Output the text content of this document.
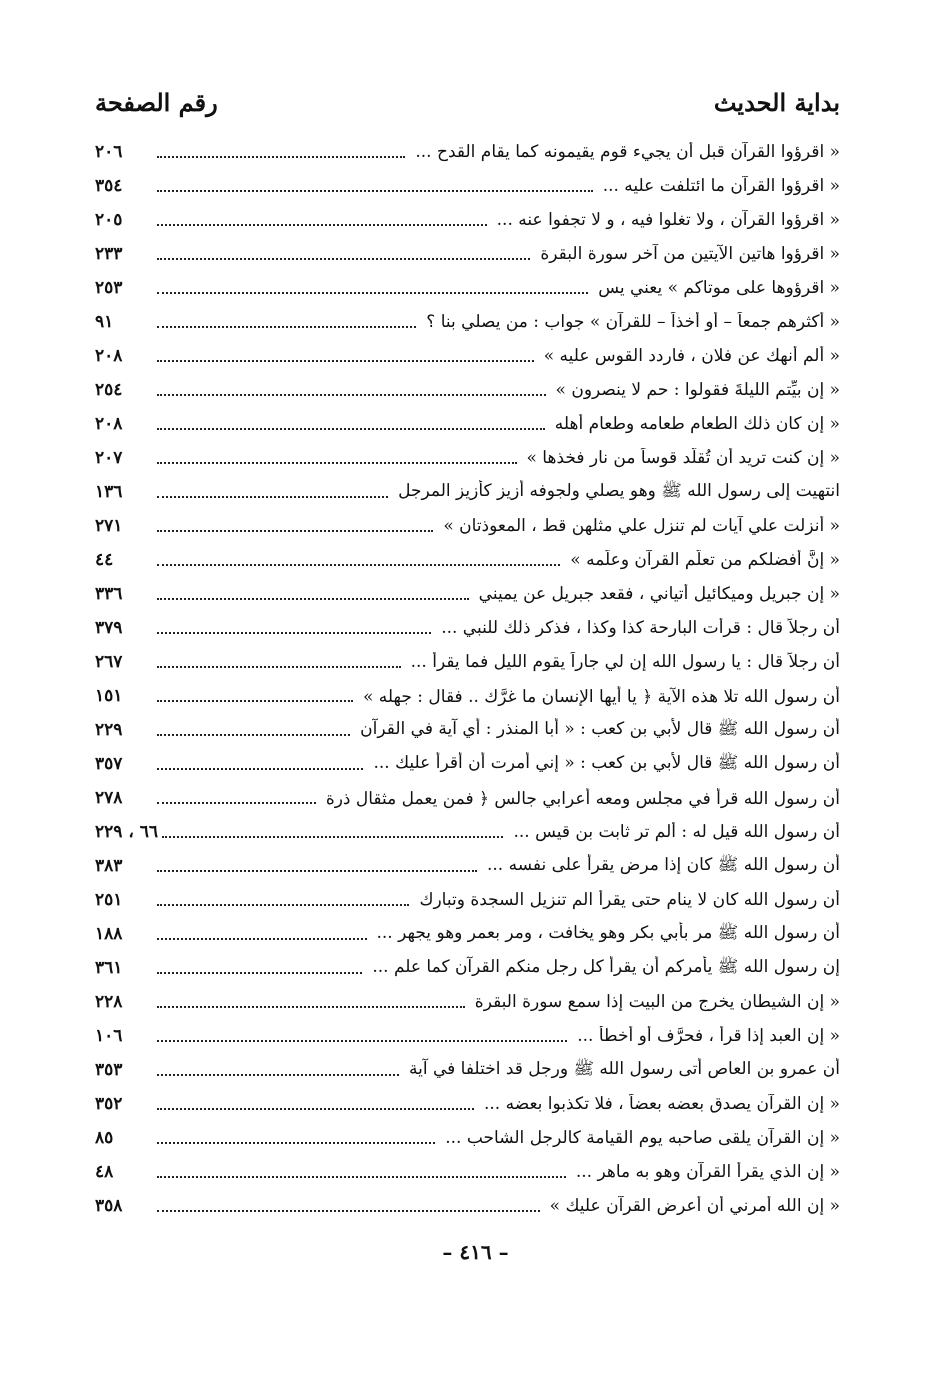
بداية الحديث
رقم الصفحة
« اقرؤوا القرآن قبل أن يجيء قوم يقيمونه كما يقام القدح ...
٢٠٦
« اقرؤوا القرآن ما ائتلفت عليه ...
٣٥٤
« اقرؤوا القرآن ، ولا تغلوا فيه ، و لا تجفوا عنه ...
٢٠٥
« اقرؤوا هاتين الآيتين من آخر سورة البقرة
٢٣٣
« اقرؤوها على موتاكم » يعني يس
٢٥٣
« أكثرهم جمعاً – أو أخذاً – للقرآن » جواب : من يصلي بنا ؟
٩١
« ألم أنهك عن فلان ، فاردد القوس عليه »
٢٠٨
« إن بيِّتم الليلةَ فقولوا : حم لا ينصرون »
٢٥٤
« إن كان ذلك الطعام طعامه وطعام أهله
٢٠٨
« إن كنت تريد أن تُقلَّد قوساً من نار فخذها »
٢٠٧
انتهيت إلى رسول الله ﷺ وهو يصلي ولجوفه أزيز كأزيز المرجل
١٣٦
« أُنزلت علي آيات لم تنزل علي مثلهن قط ، المعوذتان »
٢٧١
« إنَّ أفضلكم من تعلَّم القرآن وعلَّمه »
٤٤
« إن جبريل وميكائيل أتياني ، فقعد جبريل عن يميني
٣٣٦
أن رجلاً قال : قرأت البارحة كذا وكذا ، فذكر ذلك للنبي ...
٣٧٩
أن رجلاً قال : يا رسول الله إن لي جاراً يقوم الليل فما يقرأ ...
٢٦٧
أن رسول الله تلا هذه الآية ﴿ يا أيها الإنسان ما غرَّك .. فقال : جهله »
١٥١
أن رسول الله ﷺ قال لأبي بن كعب : « أبا المنذر : أي آية في القرآن
٢٢٩
أن رسول الله ﷺ قال لأبي بن كعب : « إني أمرت أن أقرأ عليك ...
٣٥٧
أن رسول الله قرأ في مجلس ومعه أعرابي جالس ﴿ فمن يعمل مثقال ذرة
٢٧٨
أن رسول الله قيل له : ألم تر ثابت بن قيس ...
٦٦ ، ٢٢٩
أن رسول الله ﷺ كان إذا مرض يقرأ على نفسه ...
٣٨٣
أن رسول الله كان لا ينام حتى يقرأ الم تنزيل السجدة وتبارك
٢٥١
أن رسول الله ﷺ مر بأبي بكر وهو يخافت ، ومر بعمر وهو يجهر ...
١٨٨
إن رسول الله ﷺ يأمركم أن يقرأ كل رجل منكم القرآن كما علم ...
٣٦١
« إن الشيطان يخرج من البيت إذا سمع سورة البقرة
٢٢٨
« إن العبد إذا قرأ ، فحرَّف أو أخطأ ...
١٠٦
أن عمرو بن العاص أتى رسول الله ﷺ ورجل قد اختلفا في آية
٣٥٣
« إن القرآن يصدق بعضه بعضاً ، فلا تكذبوا بعضه ...
٣٥٢
« إن القرآن يلقى صاحبه يوم القيامة كالرجل الشاحب ...
٨٥
« إن الذي يقرأ القرآن وهو به ماهر ...
٤٨
« إن الله أمرني أن أعرض القرآن عليك »
٣٥٨
– ٤١٦ –
